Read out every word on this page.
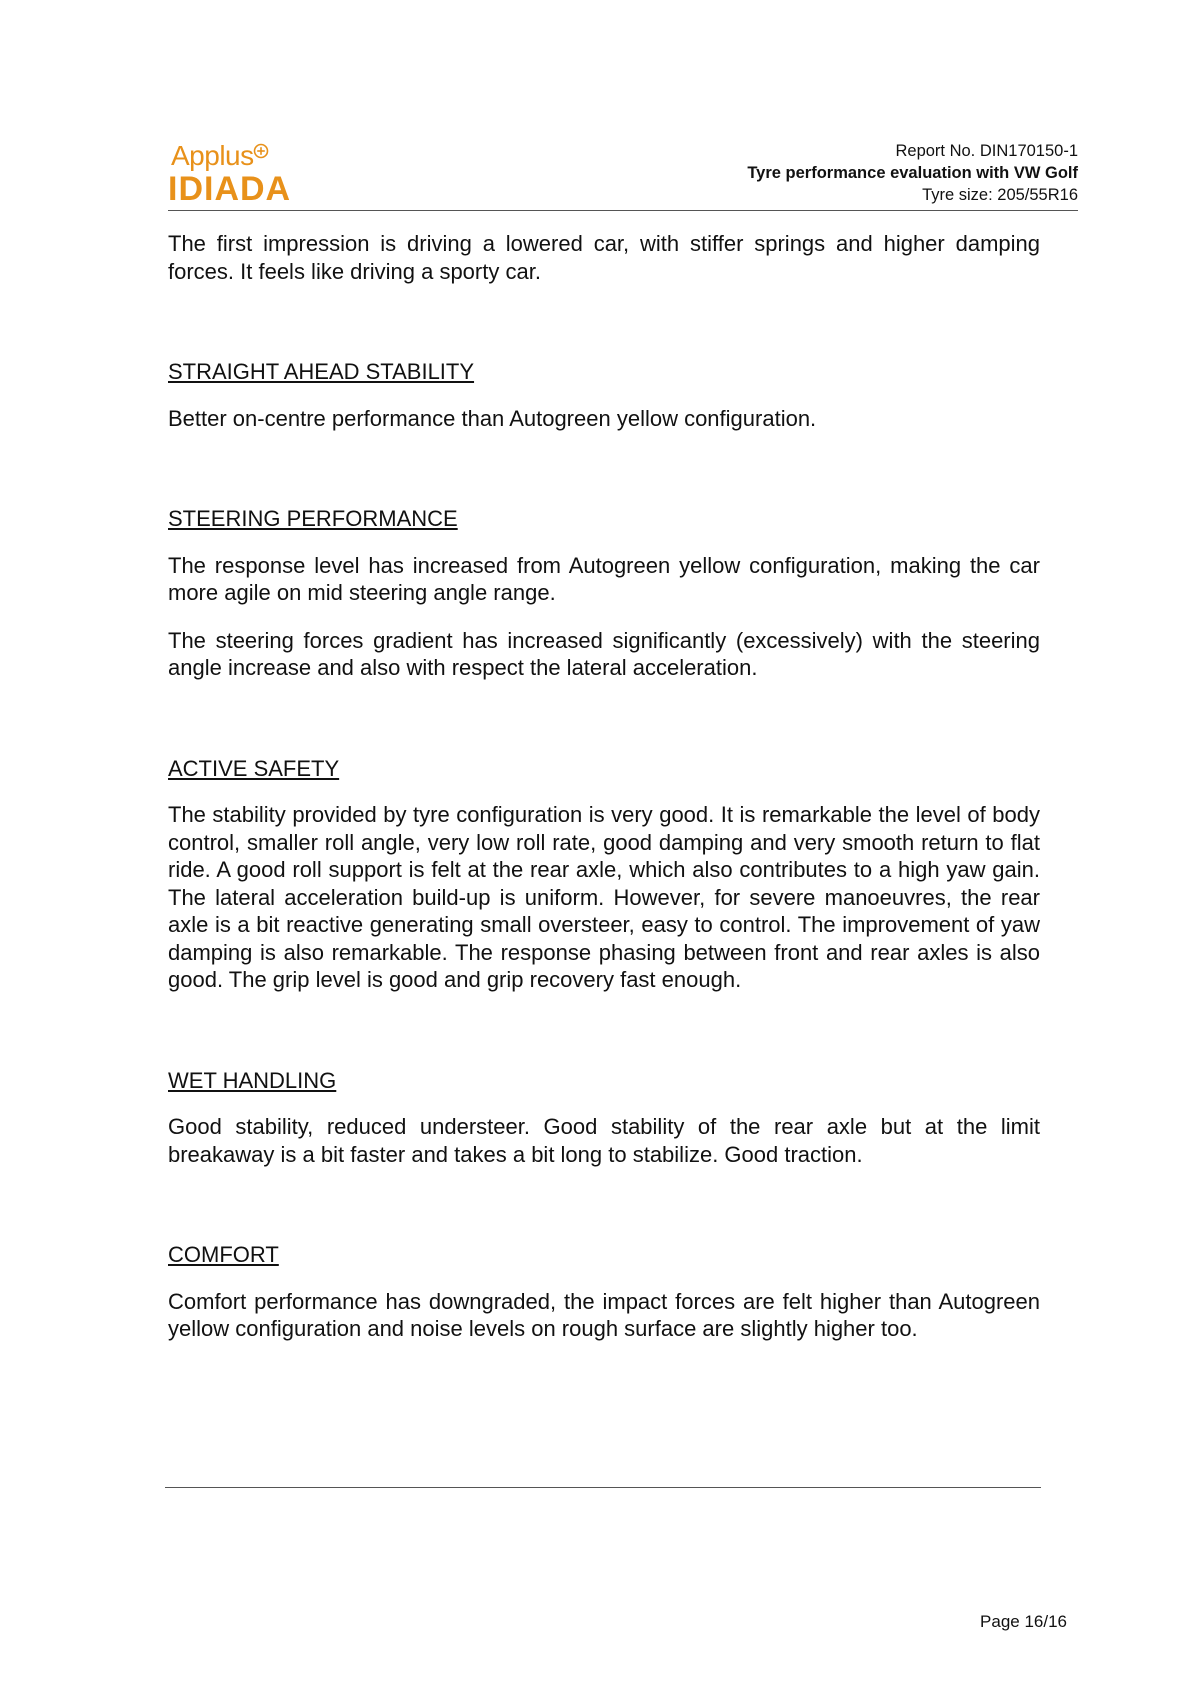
Applus
IDIADA
Report No. DIN170150-1
Tyre performance evaluation with VW Golf
Tyre size: 205/55R16

The first impression is driving a lowered car, with stiffer springs and higher damping forces. It feels like driving a sporty car.

STRAIGHT AHEAD STABILITY

Better on-centre performance than Autogreen yellow configuration.

STEERING PERFORMANCE

The response level has increased from Autogreen yellow configuration, making the car more agile on mid steering angle range.

The steering forces gradient has increased significantly (excessively) with the steering angle increase and also with respect the lateral acceleration.

ACTIVE SAFETY

The stability provided by tyre configuration is very good. It is remarkable the level of body control, smaller roll angle, very low roll rate, good damping and very smooth return to flat ride. A good roll support is felt at the rear axle, which also contributes to a high yaw gain. The lateral acceleration build-up is uniform. However, for severe manoeuvres, the rear axle is a bit reactive generating small oversteer, easy to control. The improvement of yaw damping is also remarkable. The response phasing between front and rear axles is also good. The grip level is good and grip recovery fast enough.

WET HANDLING

Good stability, reduced understeer. Good stability of the rear axle but at the limit breakaway is a bit faster and takes a bit long to stabilize. Good traction.

COMFORT

Comfort performance has downgraded, the impact forces are felt higher than Autogreen yellow configuration and noise levels on rough surface are slightly higher too.

Page 16/16
